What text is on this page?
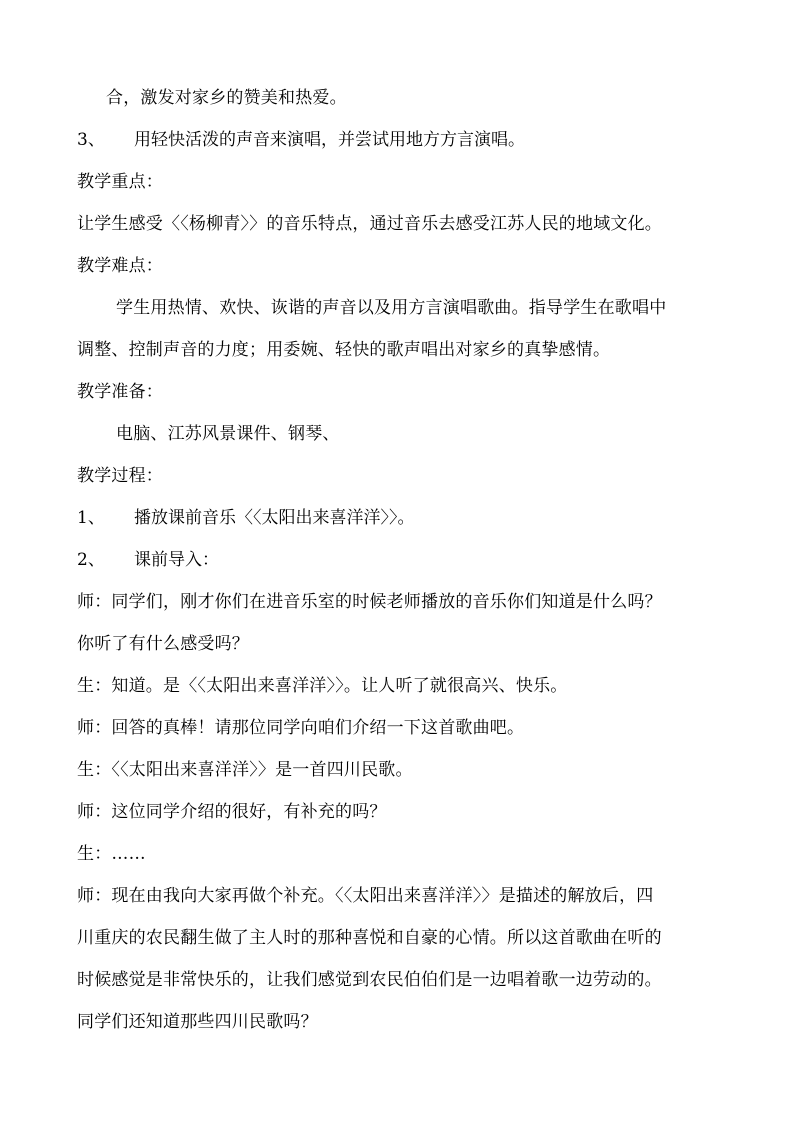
合，激发对家乡的赞美和热爱。
3、 用轻快活泼的声音来演唱，并尝试用地方方言演唱。
教学重点：
让学生感受〈〈杨柳青〉〉的音乐特点，通过音乐去感受江苏人民的地域文化。
教学难点：
学生用热情、欢快、诙谐的声音以及用方言演唱歌曲。指导学生在歌唱中
调整、控制声音的力度；用委婉、轻快的歌声唱出对家乡的真挚感情。
教学准备：
电脑、江苏风景课件、钢琴、
教学过程：
1、 播放课前音乐〈〈太阳出来喜洋洋〉〉。
2、 课前导入：
师：同学们，刚才你们在进音乐室的时候老师播放的音乐你们知道是什么吗？
你听了有什么感受吗？
生：知道。是〈〈太阳出来喜洋洋〉〉。让人听了就很高兴、快乐。
师：回答的真棒！请那位同学向咱们介绍一下这首歌曲吧。
生：〈〈太阳出来喜洋洋〉〉是一首四川民歌。
师：这位同学介绍的很好，有补充的吗？
生：……
师：现在由我向大家再做个补充。〈〈太阳出来喜洋洋〉〉是描述的解放后，四
川重庆的农民翻生做了主人时的那种喜悦和自豪的心情。所以这首歌曲在听的
时候感觉是非常快乐的，让我们感觉到农民伯伯们是一边唱着歌一边劳动的。
同学们还知道那些四川民歌吗？
